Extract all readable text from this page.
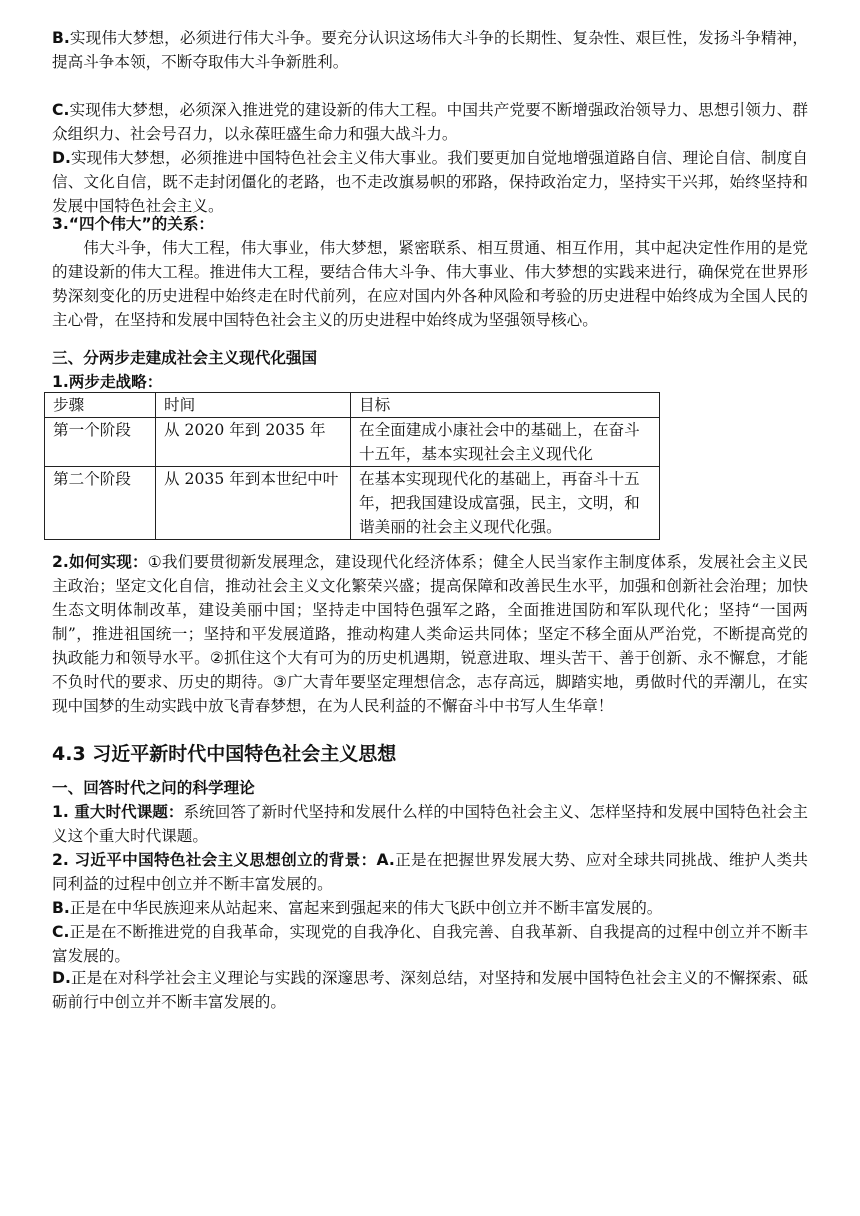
B.实现伟大梦想，必须进行伟大斗争。要充分认识这场伟大斗争的长期性、复杂性、艰巨性，发扬斗争精神，提高斗争本领，不断夺取伟大斗争新胜利。

C.实现伟大梦想，必须深入推进党的建设新的伟大工程。中国共产党要不断增强政治领导力、思想引领力、群众组织力、社会号召力，以永葆旺盛生命力和强大战斗力。

D.实现伟大梦想，必须推进中国特色社会主义伟大事业。我们要更加自觉地增强道路自信、理论自信、制度自信、文化自信，既不走封闭僵化的老路，也不走改旗易帜的邪路，保持政治定力，坚持实干兴邦，始终坚持和发展中国特色社会主义。

3.“四个伟大”的关系：

伟大斗争，伟大工程，伟大事业，伟大梦想，紧密联系、相互贯通、相互作用，其中起决定性作用的是党的建设新的伟大工程。推进伟大工程，要结合伟大斗争、伟大事业、伟大梦想的实践来进行，确保党在世界形势深刻变化的历史进程中始终走在时代前列，在应对国内外各种风险和考验的历史进程中始终成为全国人民的主心骨，在坚持和发展中国特色社会主义的历史进程中始终成为坚强领导核心。

三、分两步走建成社会主义现代化强国

1.两步走战略：

步骤	时间	目标
第一个阶段	从 2020 年到 2035 年	在全面建成小康社会中的基础上，在奋斗十五年，基本实现社会主义现代化
第二个阶段	从 2035 年到本世纪中叶	在基本实现现代化的基础上，再奋斗十五年，把我国建设成富强，民主，文明，和谐美丽的社会主义现代化强。

2.如何实现：①我们要贯彻新发展理念，建设现代化经济体系；健全人民当家作主制度体系，发展社会主义民主政治；坚定文化自信，推动社会主义文化繁荣兴盛；提高保障和改善民生水平，加强和创新社会治理；加快生态文明体制改革，建设美丽中国；坚持走中国特色强军之路，全面推进国防和军队现代化；坚持“一国两制”，推进祖国统一；坚持和平发展道路，推动构建人类命运共同体；坚定不移全面从严治党，不断提高党的执政能力和领导水平。②抓住这个大有可为的历史机遇期，锐意进取、埋头苦干、善于创新、永不懈怠，才能不负时代的要求、历史的期待。③广大青年要坚定理想信念，志存高远，脚踏实地，勇做时代的弄潮儿，在实现中国梦的生动实践中放飞青春梦想，在为人民利益的不懈奋斗中书写人生华章！

4.3 习近平新时代中国特色社会主义思想

一、回答时代之问的科学理论

1. 重大时代课题：系统回答了新时代坚持和发展什么样的中国特色社会主义、怎样坚持和发展中国特色社会主义这个重大时代课题。

2. 习近平中国特色社会主义思想创立的背景：A.正是在把握世界发展大势、应对全球共同挑战、维护人类共同利益的过程中创立并不断丰富发展的。

B.正是在中华民族迎来从站起来、富起来到强起来的伟大飞跃中创立并不断丰富发展的。

C.正是在不断推进党的自我革命，实现党的自我净化、自我完善、自我革新、自我提高的过程中创立并不断丰富发展的。

D.正是在对科学社会主义理论与实践的深邃思考、深刻总结，对坚持和发展中国特色社会主义的不懈探索、砥砺前行中创立并不断丰富发展的。
